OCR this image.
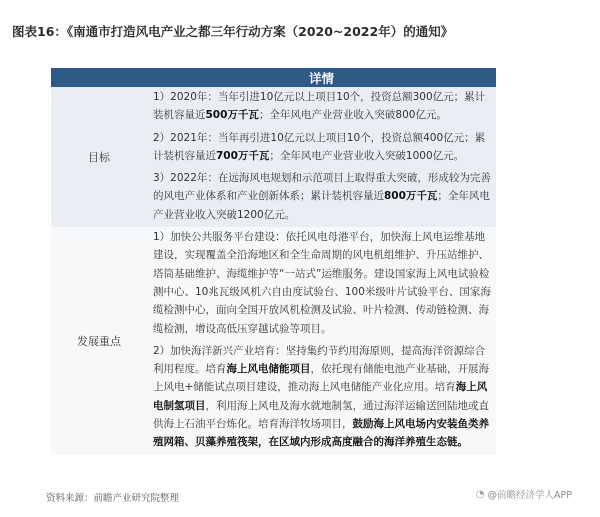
图表16：《南通市打造风电产业之都三年行动方案（2020~2022年）的通知》
	详情
目标	1）2020年：当年引进10亿元以上项目10个，投资总额300亿元；累计装机容量近500万千瓦；全年风电产业营业收入突破800亿元。

2）2021年：当年再引进10亿元以上项目10个，投资总额400亿元；累计装机容量近700万千瓦；全年风电产业营业收入突破1000亿元。

3）2022年：在远海风电规划和示范项目上取得重大突破，形成较为完善的风电产业体系和产业创新体系；累计装机容量近800万千瓦；全年风电产业营业收入突破1200亿元。

发展重点	1）加快公共服务平台建设：依托风电母港平台，加快海上风电运维基地建设，实现覆盖全沿海地区和全生命周期的风电机组维护、升压站维护、塔筒基础维护、海缆维护等“一站式”运维服务。建设国家海上风电试验检测中心、10兆瓦级风机六自由度试验台、100米级叶片试验平台、国家海缆检测中心，面向全国开放风机检测及试验、叶片检测、传动链检测、海缆检测，增设高低压穿越试验等项目。

2）加快海洋新兴产业培育：坚持集约节约用海原则，提高海洋资源综合利用程度。培育海上风电储能项目，依托现有储能电池产业基础，开展海上风电+储能试点项目建设，推动海上风电储能产业化应用。培育海上风电制氢项目，利用海上风电及海水就地制氢，通过海洋运输送回陆地或直供海上石油平台炼化。培育海洋牧场项目，鼓励海上风电场内安装鱼类养殖网箱、贝藻养殖筏架，在区域内形成高度融合的海洋养殖生态链。

资料来源：前瞻产业研究院整理	◔ @前瞻经济学人APP
